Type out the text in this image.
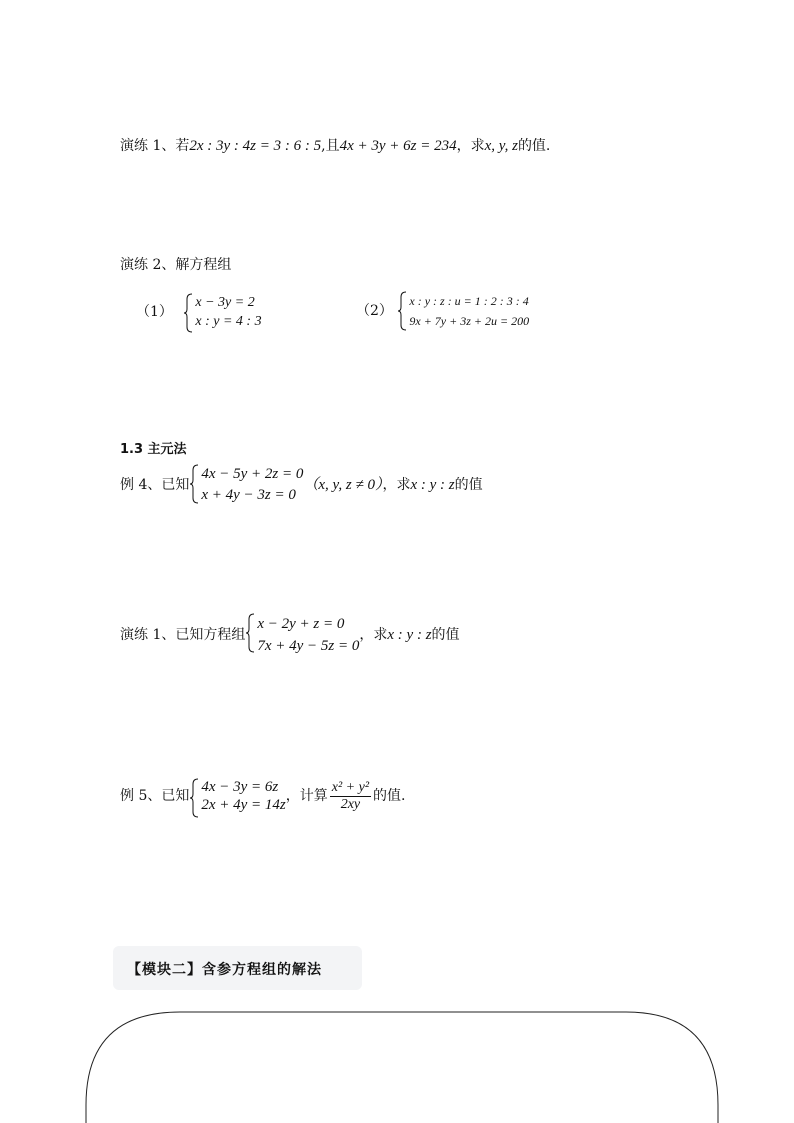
演练 1、若2x : 3y : 4z = 3 : 6 : 5,且4x + 3y + 6z = 234，求x, y, z的值.
演练 2、解方程组
（1）
x − 3y = 2
x : y = 4 : 3
（2）
x : y : z : u = 1 : 2 : 3 : 4
9x + 7y + 3z + 2u = 200
1.3 主元法
例 4、已知
4x − 5y + 2z = 0
x + 4y − 3z = 0
（x, y, z ≠ 0），求x : y : z的值
演练 1、已知方程组
x − 2y + z = 0
7x + 4y − 5z = 0
，求x : y : z的值
例 5、已知
4x − 3y = 6z
2x + 4y = 14z
，计算 $\frac{\text{x² + y²}}{2xy}$ 的值.
【模块二】含参方程组的解法
